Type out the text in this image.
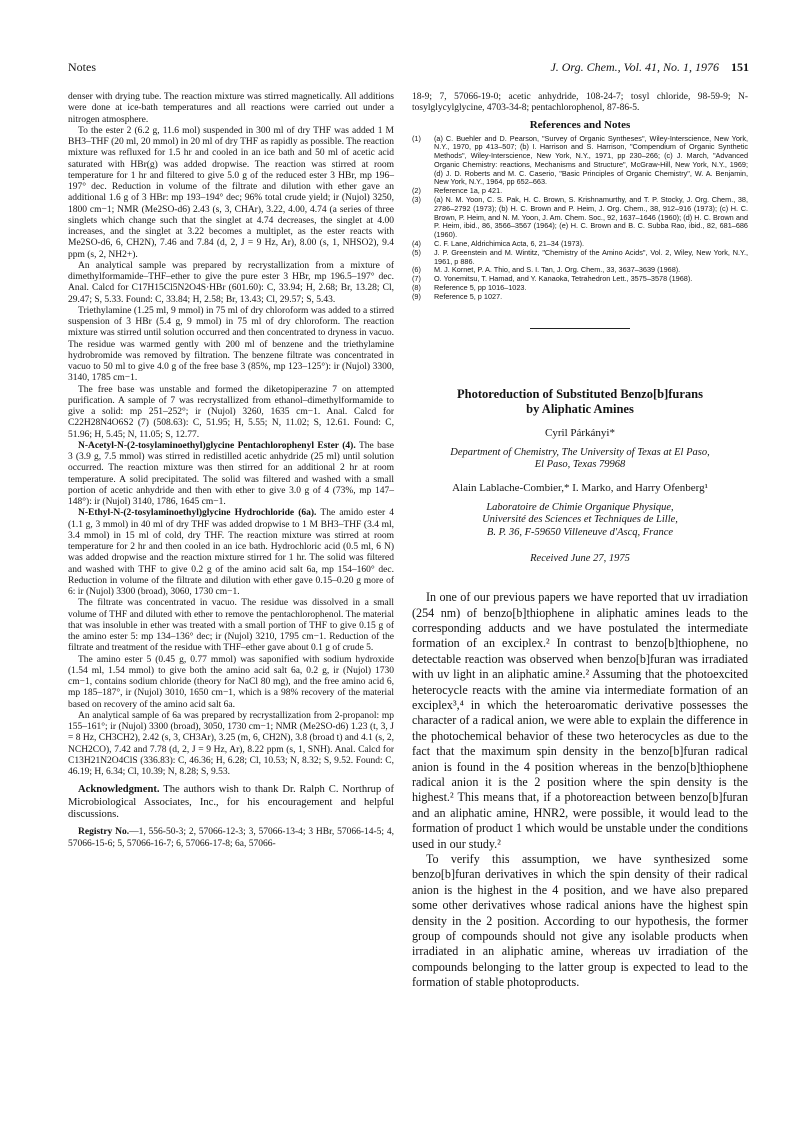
Notes	J. Org. Chem., Vol. 41, No. 1, 1976 151

denser with drying tube. The reaction mixture was stirred magnetically. All additions were done at ice-bath temperatures and all reactions were carried out under a nitrogen atmosphere.

To the ester 2 (6.2 g, 11.6 mol) suspended in 300 ml of dry THF was added 1 M BH3–THF (20 ml, 20 mmol) in 20 ml of dry THF as rapidly as possible. The reaction mixture was refluxed for 1.5 hr and cooled in an ice bath and 50 ml of acetic acid saturated with HBr(g) was added dropwise. The reaction was stirred at room temperature for 1 hr and filtered to give 5.0 g of the reduced ester 3 HBr, mp 196–197° dec. Reduction in volume of the filtrate and dilution with ether gave an additional 1.6 g of 3 HBr: mp 193–194° dec; 96% total crude yield; ir (Nujol) 3250, 1800 cm−1; NMR (Me2SO-d6) 2.43 (s, 3, CHAr), 3.22, 4.00, 4.74 (a series of three singlets which change such that the singlet at 4.74 decreases, the singlet at 4.00 increases, and the singlet at 3.22 becomes a multiplet, as the ester reacts with Me2SO-d6, 6, CH2N), 7.46 and 7.84 (d, 2, J = 9 Hz, Ar), 8.00 (s, 1, NHSO2), 9.4 ppm (s, 2, NH2+).

An analytical sample was prepared by recrystallization from a mixture of dimethylformamide–THF–ether to give the pure ester 3 HBr, mp 196.5–197° dec. Anal. Calcd for C17H15Cl5N2O4S·HBr (601.60): C, 33.94; H, 2.68; Br, 13.28; Cl, 29.47; S, 5.33. Found: C, 33.84; H, 2.58; Br, 13.43; Cl, 29.57; S, 5.43.

Triethylamine (1.25 ml, 9 mmol) in 75 ml of dry chloroform was added to a stirred suspension of 3 HBr (5.4 g, 9 mmol) in 75 ml of dry chloroform. The reaction mixture was stirred until solution occurred and then concentrated to dryness in vacuo. The residue was warmed gently with 200 ml of benzene and the triethylamine hydrobromide was removed by filtration. The benzene filtrate was concentrated in vacuo to 50 ml to give 4.0 g of the free base 3 (85%, mp 123–125°): ir (Nujol) 3300, 3140, 1785 cm−1.

The free base was unstable and formed the diketopiperazine 7 on attempted purification. A sample of 7 was recrystallized from ethanol–dimethylformamide to give a solid: mp 251–252°; ir (Nujol) 3260, 1635 cm−1. Anal. Calcd for C22H28N4O6S2 (7) (508.63): C, 51.95; H, 5.55; N, 11.02; S, 12.61. Found: C, 51.96; H, 5.45; N, 11.05; S, 12.77.

N-Acetyl-N-(2-tosylaminoethyl)glycine Pentachlorophenyl Ester (4). The base 3 (3.9 g, 7.5 mmol) was stirred in redistilled acetic anhydride (25 ml) until solution occurred. The reaction mixture was then stirred for an additional 2 hr at room temperature. A solid precipitated. The solid was filtered and washed with a small portion of acetic anhydride and then with ether to give 3.0 g of 4 (73%, mp 147–148°): ir (Nujol) 3140, 1786, 1645 cm−1.
N-Ethyl-N-(2-tosylaminoethyl)glycine Hydrochloride (6a). The amido ester 4 (1.1 g, 3 mmol) in 40 ml of dry THF was added dropwise to 1 M BH3–THF (3.4 ml, 3.4 mmol) in 15 ml of cold, dry THF. The reaction mixture was stirred at room temperature for 2 hr and then cooled in an ice bath. Hydrochloric acid (0.5 ml, 6 N) was added dropwise and the reaction mixture stirred for 1 hr. The solid was filtered and washed with THF to give 0.2 g of the amino acid salt 6a, mp 154–160° dec. Reduction in volume of the filtrate and dilution with ether gave 0.15–0.20 g more of 6: ir (Nujol) 3300 (broad), 3060, 1730 cm−1.

The filtrate was concentrated in vacuo. The residue was dissolved in a small volume of THF and diluted with ether to remove the pentachlorophenol. The material that was insoluble in ether was treated with a small portion of THF to give 0.15 g of the amino ester 5: mp 134–136° dec; ir (Nujol) 3210, 1795 cm−1. Reduction of the filtrate and treatment of the residue with THF–ether gave about 0.1 g of crude 5.

The amino ester 5 (0.45 g, 0.77 mmol) was saponified with sodium hydroxide (1.54 ml, 1.54 mmol) to give both the amino acid salt 6a, 0.2 g, ir (Nujol) 1730 cm−1, contains sodium chloride (theory for NaCl 80 mg), and the free amino acid 6, mp 185–187°, ir (Nujol) 3010, 1650 cm−1, which is a 98% recovery of the material based on recovery of the amino acid salt 6a.

An analytical sample of 6a was prepared by recrystallization from 2-propanol: mp 155–161°; ir (Nujol) 3300 (broad), 3050, 1730 cm−1; NMR (Me2SO-d6) 1.23 (t, 3, J = 8 Hz, CH3CH2), 2.42 (s, 3, CH3Ar), 3.25 (m, 6, CH2N), 3.8 (broad t) and 4.1 (s, 2, NCH2CO), 7.42 and 7.78 (d, 2, J = 9 Hz, Ar), 8.22 ppm (s, 1, SNH). Anal. Calcd for C13H21N2O4ClS (336.83): C, 46.36; H, 6.28; Cl, 10.53; N, 8.32; S, 9.52. Found: C, 46.19; H, 6.34; Cl, 10.39; N, 8.28; S, 9.53.

Acknowledgment. The authors wish to thank Dr. Ralph C. Northrup of Microbiological Associates, Inc., for his encouragement and helpful discussions.
Registry No.—1, 556-50-3; 2, 57066-12-3; 3, 57066-13-4; 3 HBr, 57066-14-5; 4, 57066-15-6; 5, 57066-16-7; 6, 57066-17-8; 6a, 57066-

18-9; 7, 57066-19-0; acetic anhydride, 108-24-7; tosyl chloride, 98-59-9; N-tosylglycylglycine, 4703-34-8; pentachlorophenol, 87-86-5.

References and Notes
(1)	(a) C. Buehler and D. Pearson, "Survey of Organic Syntheses", Wiley-Interscience, New York, N.Y., 1970, pp 413–507; (b) I. Harrison and S. Harrison, "Compendium of Organic Synthetic Methods", Wiley-Interscience, New York, N.Y., 1971, pp 230–266; (c) J. March, "Advanced Organic Chemistry: reactions, Mechanisms and Structure", McGraw-Hill, New York, N.Y., 1969; (d) J. D. Roberts and M. C. Caserio, "Basic Principles of Organic Chemistry", W. A. Benjamin, New York, N.Y., 1964, pp 652–663.
(2)	Reference 1a, p 421.
(3)	(a) N. M. Yoon, C. S. Pak, H. C. Brown, S. Krishnamurthy, and T. P. Stocky, J. Org. Chem., 38, 2786–2792 (1973); (b) H. C. Brown and P. Heim, J. Org. Chem., 38, 912–916 (1973); (c) H. C. Brown, P. Heim, and N. M. Yoon, J. Am. Chem. Soc., 92, 1637–1646 (1960); (d) H. C. Brown and P. Heim, ibid., 86, 3566–3567 (1964); (e) H. C. Brown and B. C. Subba Rao, ibid., 82, 681–686 (1960).
(4)	C. F. Lane, Aldrichimica Acta, 6, 21–34 (1973).
(5)	J. P. Greenstein and M. Wintitz, "Chemistry of the Amino Acids", Vol. 2, Wiley, New York, N.Y., 1961, p 886.
(6)	M. J. Kornet, P. A. Thio, and S. I. Tan, J. Org. Chem., 33, 3637–3639 (1968).
(7)	O. Yonemitsu, T. Hamad, and Y. Kanaoka, Tetrahedron Lett., 3575–3578 (1968).
(8)	Reference 5, pp 1016–1023.
(9)	Reference 5, p 1027.
Photoreduction of Substituted Benzo[b]furans
by Aliphatic Amines
Cyril Párkányi*
Department of Chemistry, The University of Texas at El Paso,
El Paso, Texas 79968
Alain Lablache-Combier,* I. Marko, and Harry Ofenberg¹
Laboratoire de Chimie Organique Physique,
Université des Sciences et Techniques de Lille,
B. P. 36, F-59650 Villeneuve d'Ascq, France
Received June 27, 1975

In one of our previous papers we have reported that uv irradiation (254 nm) of benzo[b]thiophene in aliphatic amines leads to the corresponding adducts and we have postulated the intermediate formation of an exciplex.² In contrast to benzo[b]thiophene, no detectable reaction was observed when benzo[b]furan was irradiated with uv light in an aliphatic amine.² Assuming that the photoexcited heterocycle reacts with the amine via intermediate formation of an exciplex³,⁴ in which the heteroaromatic derivative possesses the character of a radical anion, we were able to explain the difference in the photochemical behavior of these two heterocycles as due to the fact that the maximum spin density in the benzo[b]furan radical anion is found in the 4 position whereas in the benzo[b]thiophene radical anion it is the 2 position where the spin density is the highest.² This means that, if a photoreaction between benzo[b]furan and an aliphatic amine, HNR2, were possible, it would lead to the formation of product 1 which would be unstable under the conditions used in our study.²

To verify this assumption, we have synthesized some benzo[b]furan derivatives in which the spin density of their radical anion is the highest in the 4 position, and we have also prepared some other derivatives whose radical anions have the highest spin density in the 2 position. According to our hypothesis, the former group of compounds should not give any isolable products when irradiated in an aliphatic amine, whereas uv irradiation of the compounds belonging to the latter group is expected to lead to the formation of stable photoproducts.
